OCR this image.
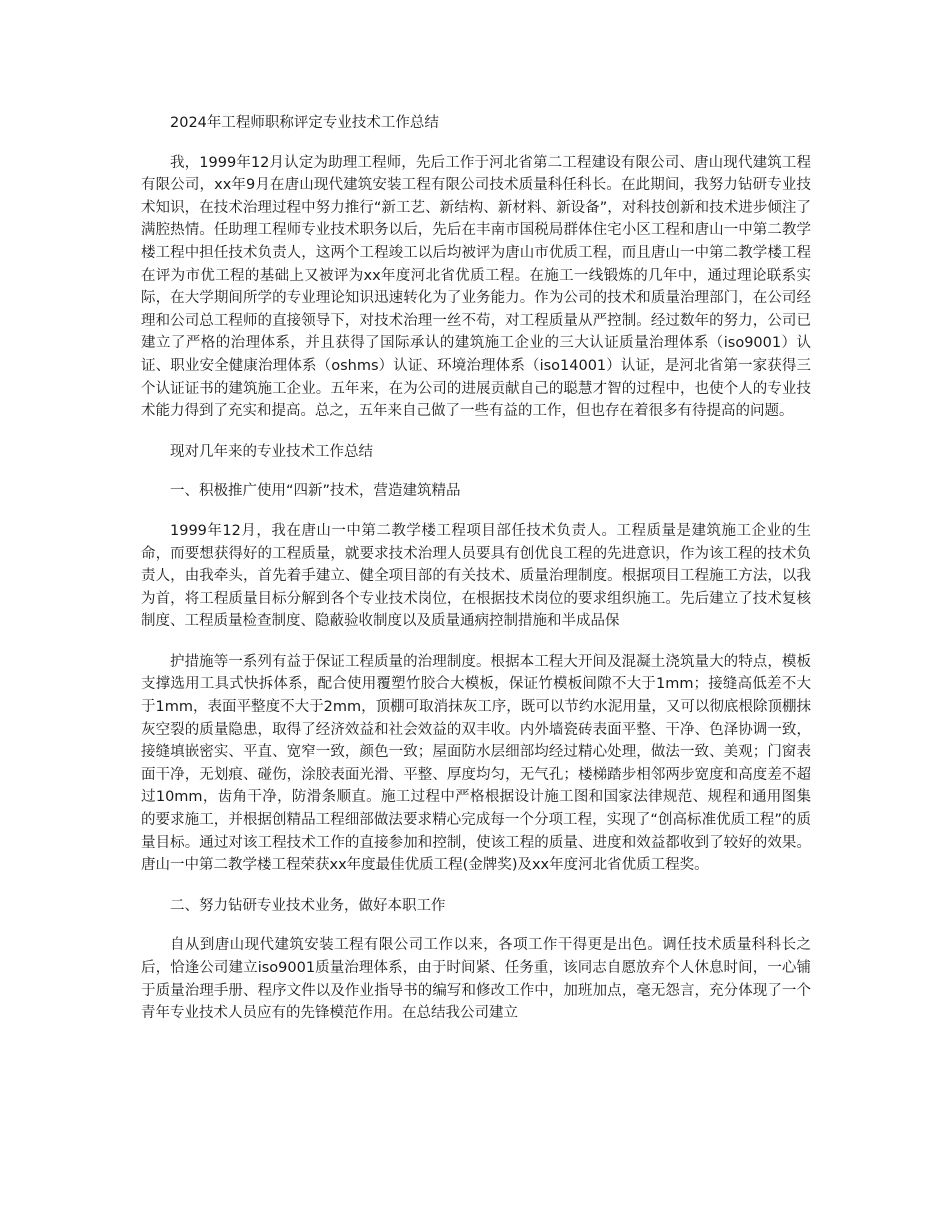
2024年工程师职称评定专业技术工作总结

我，1999年12月认定为助理工程师，先后工作于河北省第二工程建设有限公司、唐山现代建筑工程有限公司，xx年9月在唐山现代建筑安装工程有限公司技术质量科任科长。在此期间，我努力钻研专业技术知识，在技术治理过程中努力推行“新工艺、新结构、新材料、新设备”，对科技创新和技术进步倾注了满腔热情。任助理工程师专业技术职务以后，先后在丰南市国税局群体住宅小区工程和唐山一中第二教学楼工程中担任技术负责人，这两个工程竣工以后均被评为唐山市优质工程，而且唐山一中第二教学楼工程在评为市优工程的基础上又被评为xx年度河北省优质工程。在施工一线锻炼的几年中，通过理论联系实际，在大学期间所学的专业理论知识迅速转化为了业务能力。作为公司的技术和质量治理部门，在公司经理和公司总工程师的直接领导下，对技术治理一丝不苟，对工程质量从严控制。经过数年的努力，公司已建立了严格的治理体系，并且获得了国际承认的建筑施工企业的三大认证质量治理体系（iso9001）认证、职业安全健康治理体系（oshms）认证、环境治理体系（iso14001）认证，是河北省第一家获得三个认证证书的建筑施工企业。五年来，在为公司的进展贡献自己的聪慧才智的过程中，也使个人的专业技术能力得到了充实和提高。总之，五年来自己做了一些有益的工作，但也存在着很多有待提高的问题。

现对几年来的专业技术工作总结

一、积极推广使用“四新”技术，营造建筑精品

1999年12月，我在唐山一中第二教学楼工程项目部任技术负责人。工程质量是建筑施工企业的生命，而要想获得好的工程质量，就要求技术治理人员要具有创优良工程的先进意识，作为该工程的技术负责人，由我牵头，首先着手建立、健全项目部的有关技术、质量治理制度。根据项目工程施工方法，以我为首，将工程质量目标分解到各个专业技术岗位，在根据技术岗位的要求组织施工。先后建立了技术复核制度、工程质量检查制度、隐蔽验收制度以及质量通病控制措施和半成品保

护措施等一系列有益于保证工程质量的治理制度。根据本工程大开间及混凝土浇筑量大的特点，模板支撑选用工具式快拆体系，配合使用覆塑竹胶合大模板，保证竹模板间隙不大于1mm；接缝高低差不大于1mm，表面平整度不大于2mm，顶棚可取消抹灰工序，既可以节约水泥用量，又可以彻底根除顶棚抹灰空裂的质量隐患，取得了经济效益和社会效益的双丰收。内外墙瓷砖表面平整、干净、色泽协调一致，接缝填嵌密实、平直、宽窄一致，颜色一致；屋面防水层细部均经过精心处理，做法一致、美观；门窗表面干净，无划痕、碰伤，涂胶表面光滑、平整、厚度均匀，无气孔；楼梯踏步相邻两步宽度和高度差不超过10mm，齿角干净，防滑条顺直。施工过程中严格根据设计施工图和国家法律规范、规程和通用图集的要求施工，并根据创精品工程细部做法要求精心完成每一个分项工程，实现了“创高标准优质工程”的质量目标。通过对该工程技术工作的直接参加和控制，使该工程的质量、进度和效益都收到了较好的效果。唐山一中第二教学楼工程荣获xx年度最佳优质工程(金牌奖)及xx年度河北省优质工程奖。

二、努力钻研专业技术业务，做好本职工作

自从到唐山现代建筑安装工程有限公司工作以来，各项工作干得更是出色。调任技术质量科科长之后，恰逢公司建立iso9001质量治理体系，由于时间紧、任务重，该同志自愿放弃个人休息时间，一心铺于质量治理手册、程序文件以及作业指导书的编写和修改工作中，加班加点，毫无怨言，充分体现了一个青年专业技术人员应有的先锋模范作用。在总结我公司建立
